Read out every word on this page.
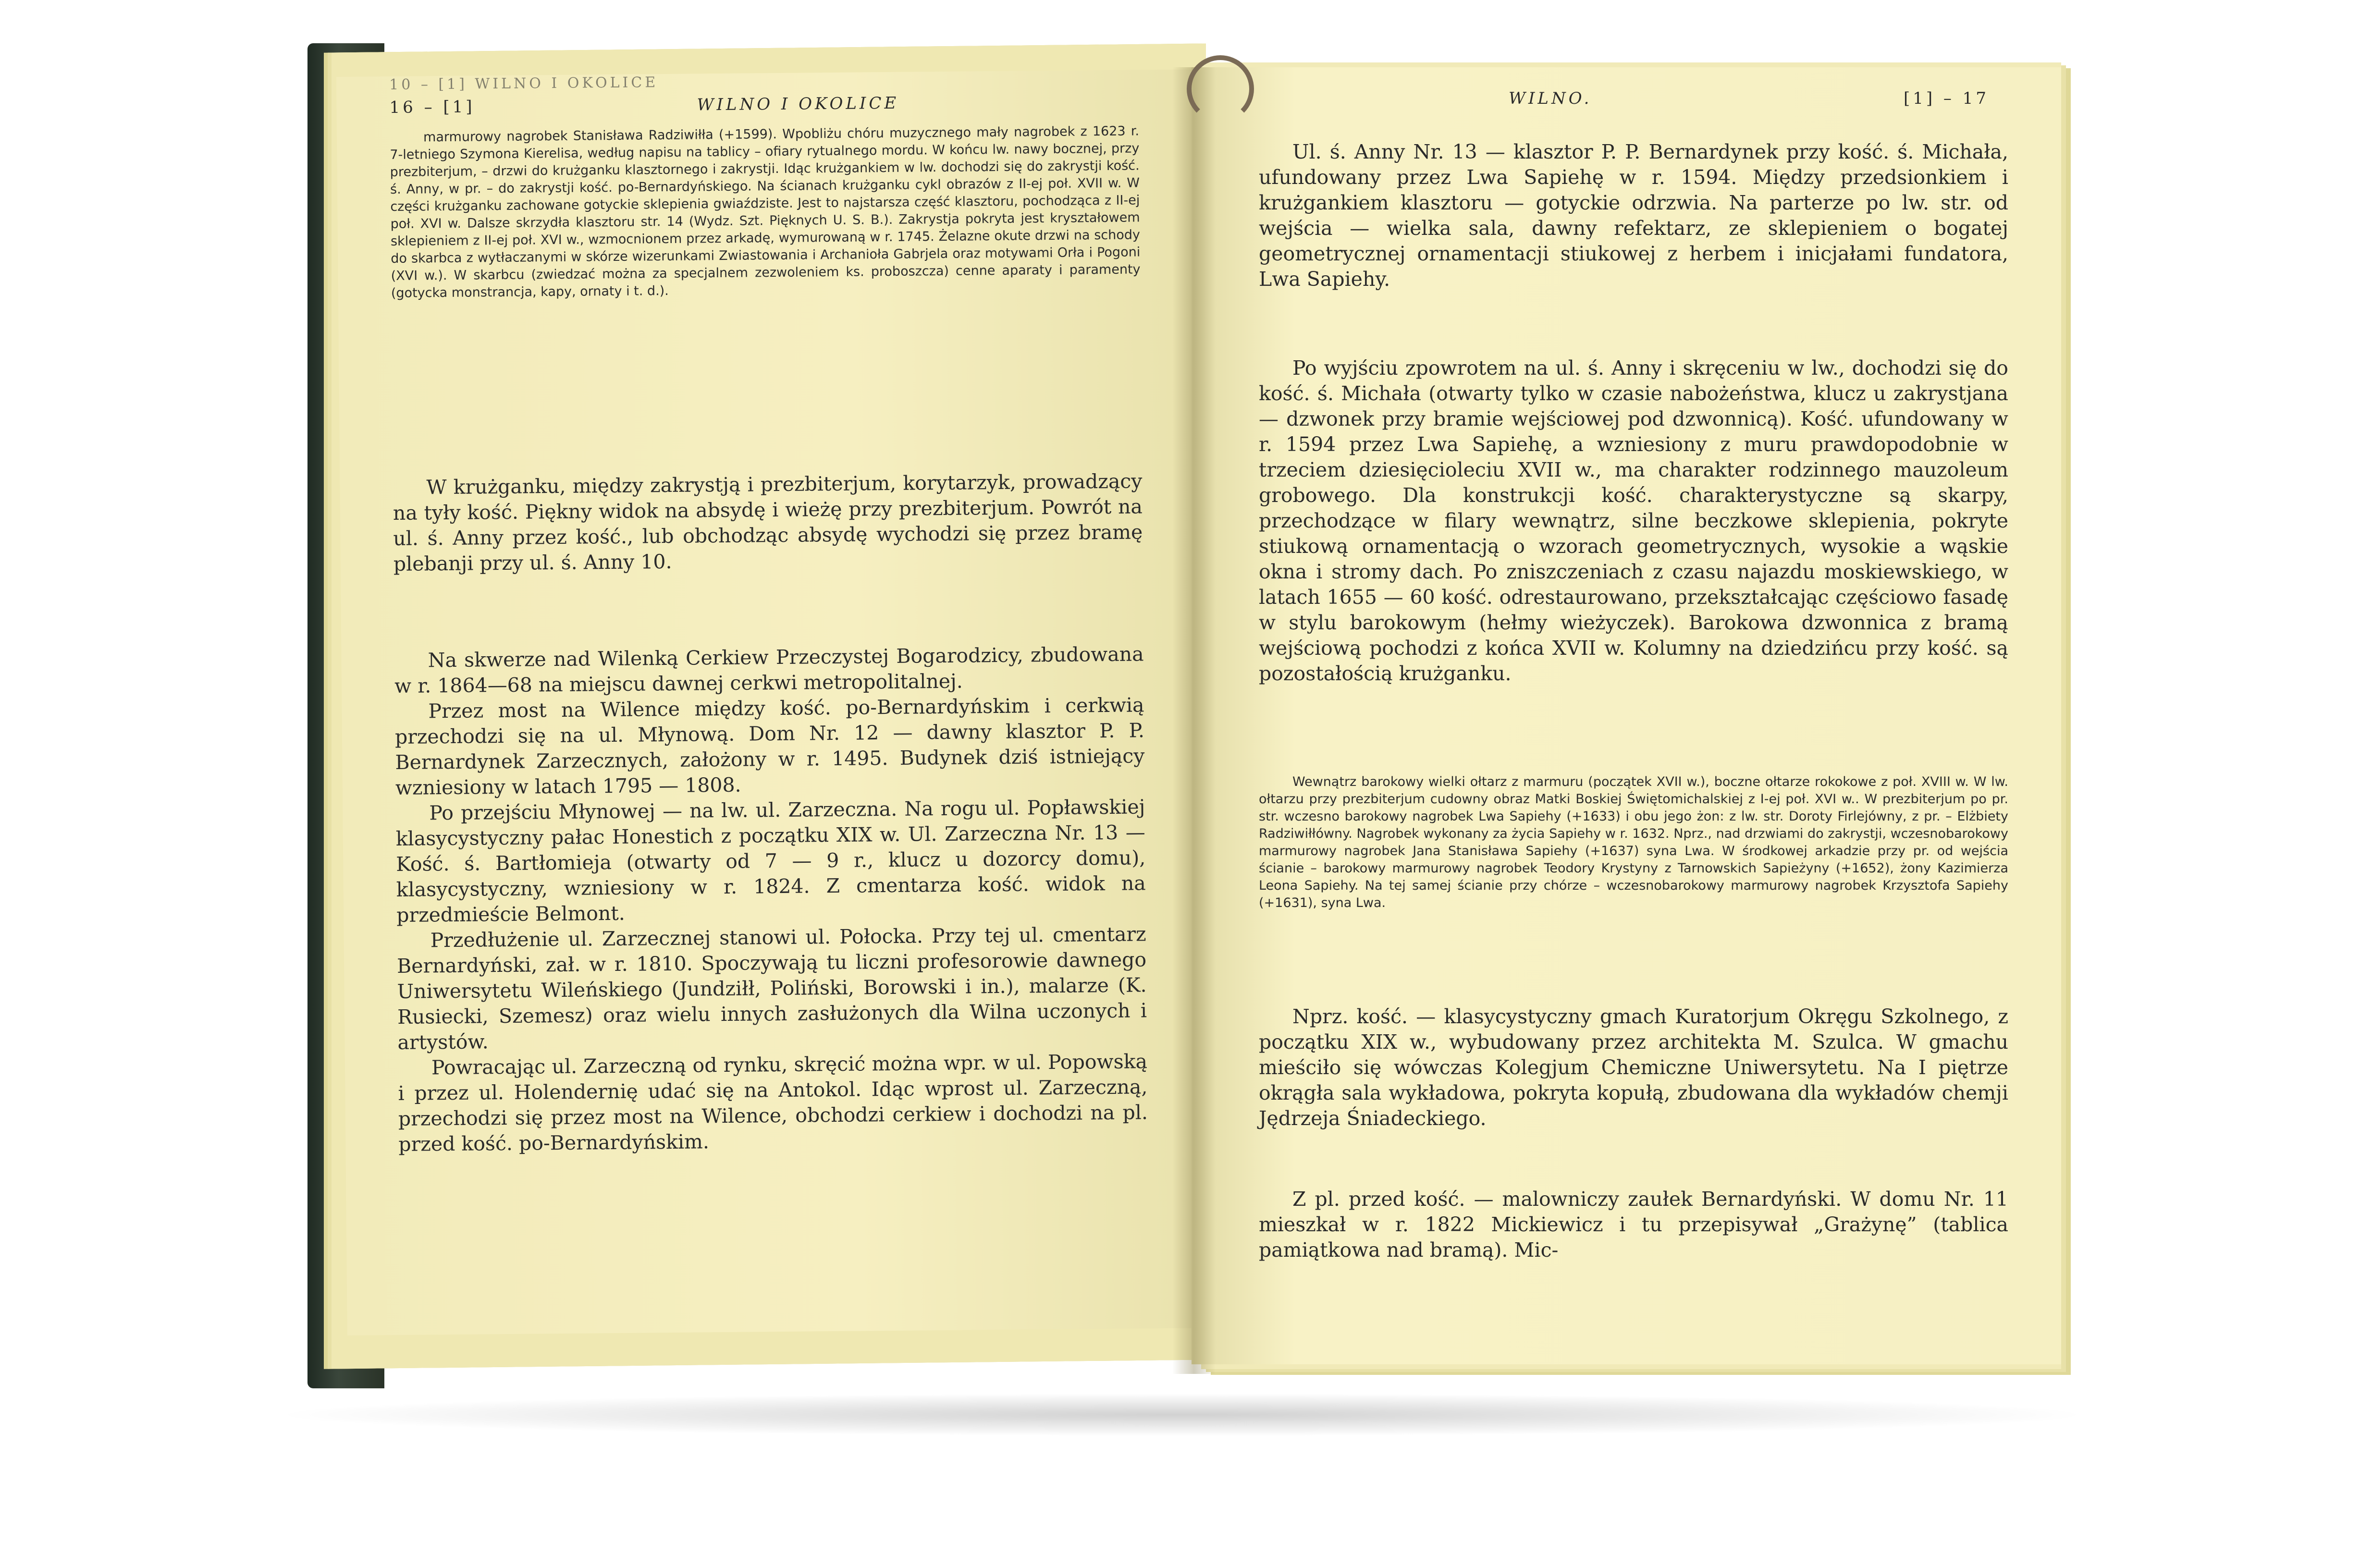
10 – [1] WILNO I OKOLICE
16 – [1]	WILNO I OKOLICE

marmurowy nagrobek Stanisława Radziwiłła (+1599). Wpobliżu chóru muzycznego mały nagrobek z 1623 r. 7-letniego Szymona Kierelisa, według napisu na tablicy – ofiary rytualnego mordu. W końcu lw. nawy bocznej, przy prezbiterjum, – drzwi do krużganku klasztornego i zakrystji. Idąc krużgankiem w lw. dochodzi się do zakrystji kość. ś. Anny, w pr. – do zakrystji kość. po-Bernardyńskiego. Na ścianach krużganku cykl obrazów z II-ej poł. XVII w. W części krużganku zachowane gotyckie sklepienia gwiaździste. Jest to najstarsza część klasztoru, pochodząca z II-ej poł. XVI w. Dalsze skrzydła klasztoru str. 14 (Wydz. Szt. Pięknych U. S. B.). Zakrystja pokryta jest kryształowem sklepieniem z II-ej poł. XVI w., wzmocnionem przez arkadę, wymurowaną w r. 1745. Żelazne okute drzwi na schody do skarbca z wytłaczanymi w skórze wizerunkami Zwiastowania i Archanioła Gabrjela oraz motywami Orła i Pogoni (XVI w.). W skarbcu (zwiedzać można za specjalnem zezwoleniem ks. proboszcza) cenne aparaty i paramenty (gotycka monstrancja, kapy, ornaty i t. d.).

W krużganku, między zakrystją i prezbiterjum, korytarzyk, prowadzący na tyły kość. Piękny widok na absydę i wieżę przy prezbiterjum. Powrót na ul. ś. Anny przez kość., lub obchodząc absydę wychodzi się przez bramę plebanji przy ul. ś. Anny 10.

Na skwerze nad Wilenką Cerkiew Przeczystej Bogarodzicy, zbudowana w r. 1864—68 na miejscu dawnej cerkwi metropolitalnej.

Przez most na Wilence między kość. po-Bernardyńskim i cerkwią przechodzi się na ul. Młynową. Dom Nr. 12 — dawny klasztor P. P. Bernardynek Zarzecznych, założony w r. 1495. Budynek dziś istniejący wzniesiony w latach 1795 — 1808.

Po przejściu Młynowej — na lw. ul. Zarzeczna. Na rogu ul. Popławskiej klasycystyczny pałac Honestich z początku XIX w. Ul. Zarzeczna Nr. 13 — Kość. ś. Bartłomieja (otwarty od 7 — 9 r., klucz u dozorcy domu), klasycystyczny, wzniesiony w r. 1824. Z cmentarza kość. widok na przedmieście Belmont.

Przedłużenie ul. Zarzecznej stanowi ul. Połocka. Przy tej ul. cmentarz Bernardyński, zał. w r. 1810. Spoczywają tu liczni profesorowie dawnego Uniwersytetu Wileńskiego (Jundziłł, Poliński, Borowski i in.), malarze (K. Rusiecki, Szemesz) oraz wielu innych zasłużonych dla Wilna uczonych i artystów.

Powracając ul. Zarzeczną od rynku, skręcić można wpr. w ul. Popowską i przez ul. Holendernię udać się na Antokol. Idąc wprost ul. Zarzeczną, przechodzi się przez most na Wilence, obchodzi cerkiew i dochodzi na pl. przed kość. po-Bernardyńskim.

WILNO.	[1] – 17

Ul. ś. Anny Nr. 13 — klasztor P. P. Bernardynek przy kość. ś. Michała, ufundowany przez Lwa Sapiehę w r. 1594. Między przedsionkiem i krużgankiem klasztoru — gotyckie odrzwia. Na parterze po lw. str. od wejścia — wielka sala, dawny refektarz, ze sklepieniem o bogatej geometrycznej ornamentacji stiukowej z herbem i inicjałami fundatora, Lwa Sapiehy.

Po wyjściu zpowrotem na ul. ś. Anny i skręceniu w lw., dochodzi się do kość. ś. Michała (otwarty tylko w czasie nabożeństwa, klucz u zakrystjana — dzwonek przy bramie wejściowej pod dzwonnicą). Kość. ufundowany w r. 1594 przez Lwa Sapiehę, a wzniesiony z muru prawdopodobnie w trzeciem dziesięcioleciu XVII w., ma charakter rodzinnego mauzoleum grobowego. Dla konstrukcji kość. charakterystyczne są skarpy, przechodzące w filary wewnątrz, silne beczkowe sklepienia, pokryte stiukową ornamentacją o wzorach geometrycznych, wysokie a wąskie okna i stromy dach. Po zniszczeniach z czasu najazdu moskiewskiego, w latach 1655 — 60 kość. odrestaurowano, przekształcając częściowo fasadę w stylu barokowym (hełmy wieżyczek). Barokowa dzwonnica z bramą wejściową pochodzi z końca XVII w. Kolumny na dziedzińcu przy kość. są pozostałością krużganku.

Wewnątrz barokowy wielki ołtarz z marmuru (początek XVII w.), boczne ołtarze rokokowe z poł. XVIII w. W lw. ołtarzu przy prezbiterjum cudowny obraz Matki Boskiej Świętomichalskiej z I-ej poł. XVI w.. W prezbiterjum po pr. str. wczesno barokowy nagrobek Lwa Sapiehy (+1633) i obu jego żon: z lw. str. Doroty Firlejówny, z pr. – Elżbiety Radziwiłłówny. Nagrobek wykonany za życia Sapiehy w r. 1632. Nprz., nad drzwiami do zakrystji, wczesnobarokowy marmurowy nagrobek Jana Stanisława Sapiehy (+1637) syna Lwa. W środkowej arkadzie przy pr. od wejścia ścianie – barokowy marmurowy nagrobek Teodory Krystyny z Tarnowskich Sapieżyny (+1652), żony Kazimierza Leona Sapiehy. Na tej samej ścianie przy chórze – wczesnobarokowy marmurowy nagrobek Krzysztofa Sapiehy (+1631), syna Lwa.

Nprz. kość. — klasycystyczny gmach Kuratorjum Okręgu Szkolnego, z początku XIX w., wybudowany przez architekta M. Szulca. W gmachu mieściło się wówczas Kolegjum Chemiczne Uniwersytetu. Na I piętrze okrągła sala wykładowa, pokryta kopułą, zbudowana dla wykładów chemji Jędrzeja Śniadeckiego.

Z pl. przed kość. — malowniczy zaułek Bernardyński. W domu Nr. 11 mieszkał w r. 1822 Mickiewicz i tu przepisywał „Grażynę” (tablica pamiątkowa nad bramą). Mic-
